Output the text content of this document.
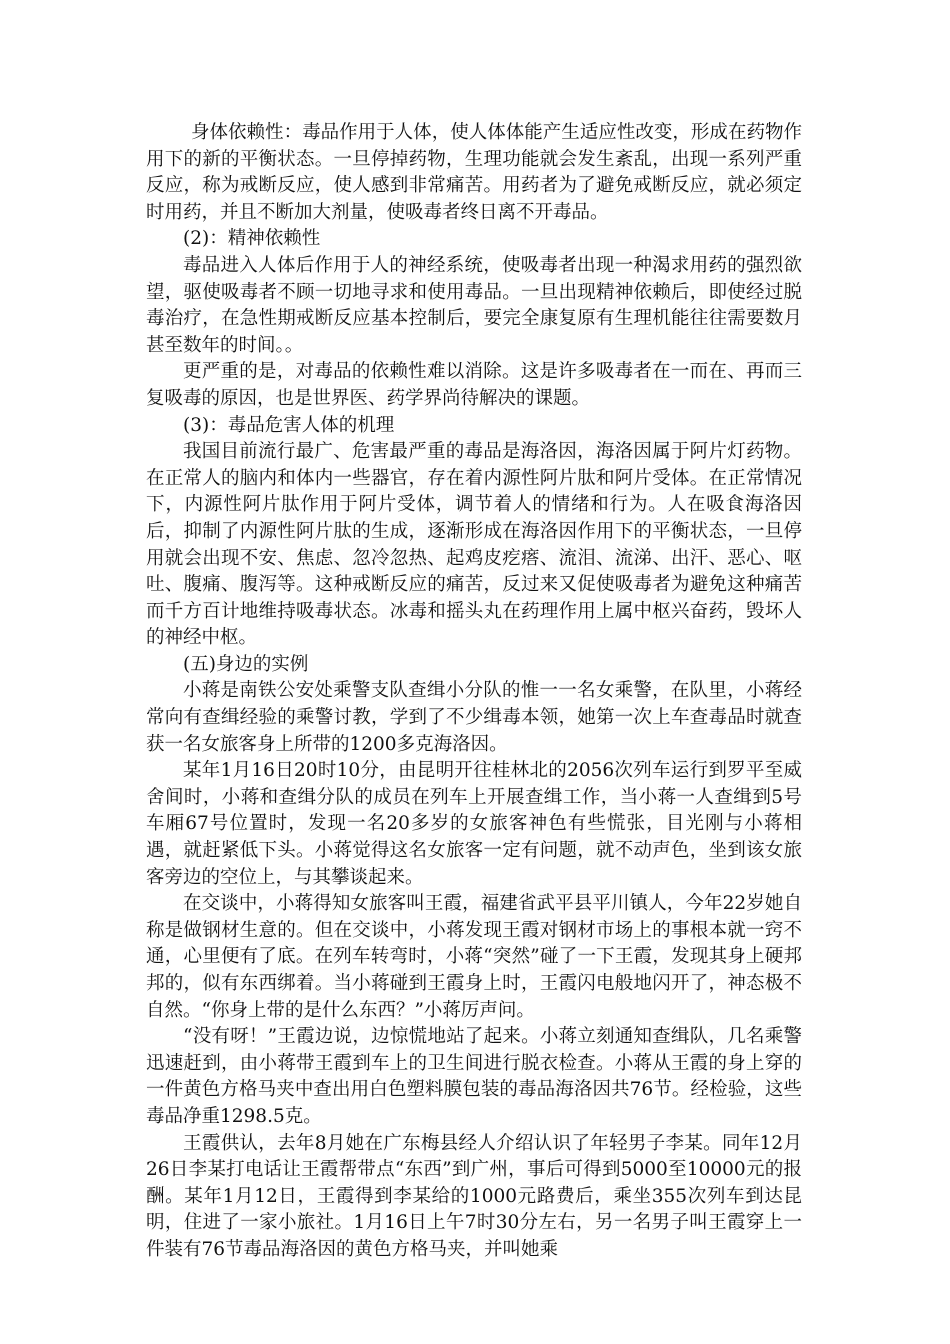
身体依赖性：毒品作用于人体，使人体体能产生适应性改变，形成在药物作用下的新的平衡状态。一旦停掉药物，生理功能就会发生紊乱，出现一系列严重反应，称为戒断反应，使人感到非常痛苦。用药者为了避免戒断反应，就必须定时用药，并且不断加大剂量，使吸毒者终日离不开毒品。

(2)：精神依赖性

毒品进入人体后作用于人的神经系统，使吸毒者出现一种渴求用药的强烈欲望，驱使吸毒者不顾一切地寻求和使用毒品。一旦出现精神依赖后，即使经过脱毒治疗，在急性期戒断反应基本控制后，要完全康复原有生理机能往往需要数月甚至数年的时间。。

更严重的是，对毒品的依赖性难以消除。这是许多吸毒者在一而在、再而三复吸毒的原因，也是世界医、药学界尚待解决的课题。

(3)：毒品危害人体的机理

我国目前流行最广、危害最严重的毒品是海洛因，海洛因属于阿片灯药物。在正常人的脑内和体内一些器官，存在着内源性阿片肽和阿片受体。在正常情况下，内源性阿片肽作用于阿片受体，调节着人的情绪和行为。人在吸食海洛因后，抑制了内源性阿片肽的生成，逐渐形成在海洛因作用下的平衡状态，一旦停用就会出现不安、焦虑、忽冷忽热、起鸡皮疙瘩、流泪、流涕、出汗、恶心、呕吐、腹痛、腹泻等。这种戒断反应的痛苦，反过来又促使吸毒者为避免这种痛苦而千方百计地维持吸毒状态。冰毒和摇头丸在药理作用上属中枢兴奋药，毁坏人的神经中枢。

(五)身边的实例

小蒋是南铁公安处乘警支队查缉小分队的惟一一名女乘警，在队里，小蒋经常向有查缉经验的乘警讨教，学到了不少缉毒本领，她第一次上车查毒品时就查获一名女旅客身上所带的1200多克海洛因。

某年1月16日20时10分，由昆明开往桂林北的2056次列车运行到罗平至威舍间时，小蒋和查缉分队的成员在列车上开展查缉工作，当小蒋一人查缉到5号车厢67号位置时，发现一名20多岁的女旅客神色有些慌张，目光刚与小蒋相遇，就赶紧低下头。小蒋觉得这名女旅客一定有问题，就不动声色，坐到该女旅客旁边的空位上，与其攀谈起来。

在交谈中，小蒋得知女旅客叫王霞，福建省武平县平川镇人，今年22岁她自称是做钢材生意的。但在交谈中，小蒋发现王霞对钢材市场上的事根本就一窍不通，心里便有了底。在列车转弯时，小蒋“突然”碰了一下王霞，发现其身上硬邦邦的，似有东西绑着。当小蒋碰到王霞身上时，王霞闪电般地闪开了，神态极不自然。“你身上带的是什么东西？”小蒋厉声问。

“没有呀！”王霞边说，边惊慌地站了起来。小蒋立刻通知查缉队，几名乘警迅速赶到，由小蒋带王霞到车上的卫生间进行脱衣检查。小蒋从王霞的身上穿的一件黄色方格马夹中查出用白色塑料膜包装的毒品海洛因共76节。经检验，这些毒品净重1298.5克。

王霞供认，去年8月她在广东梅县经人介绍认识了年轻男子李某。同年12月26日李某打电话让王霞帮带点“东西”到广州，事后可得到5000至10000元的报酬。某年1月12日，王霞得到李某给的1000元路费后，乘坐355次列车到达昆明，住进了一家小旅社。1月16日上午7时30分左右，另一名男子叫王霞穿上一件装有76节毒品海洛因的黄色方格马夹，并叫她乘
